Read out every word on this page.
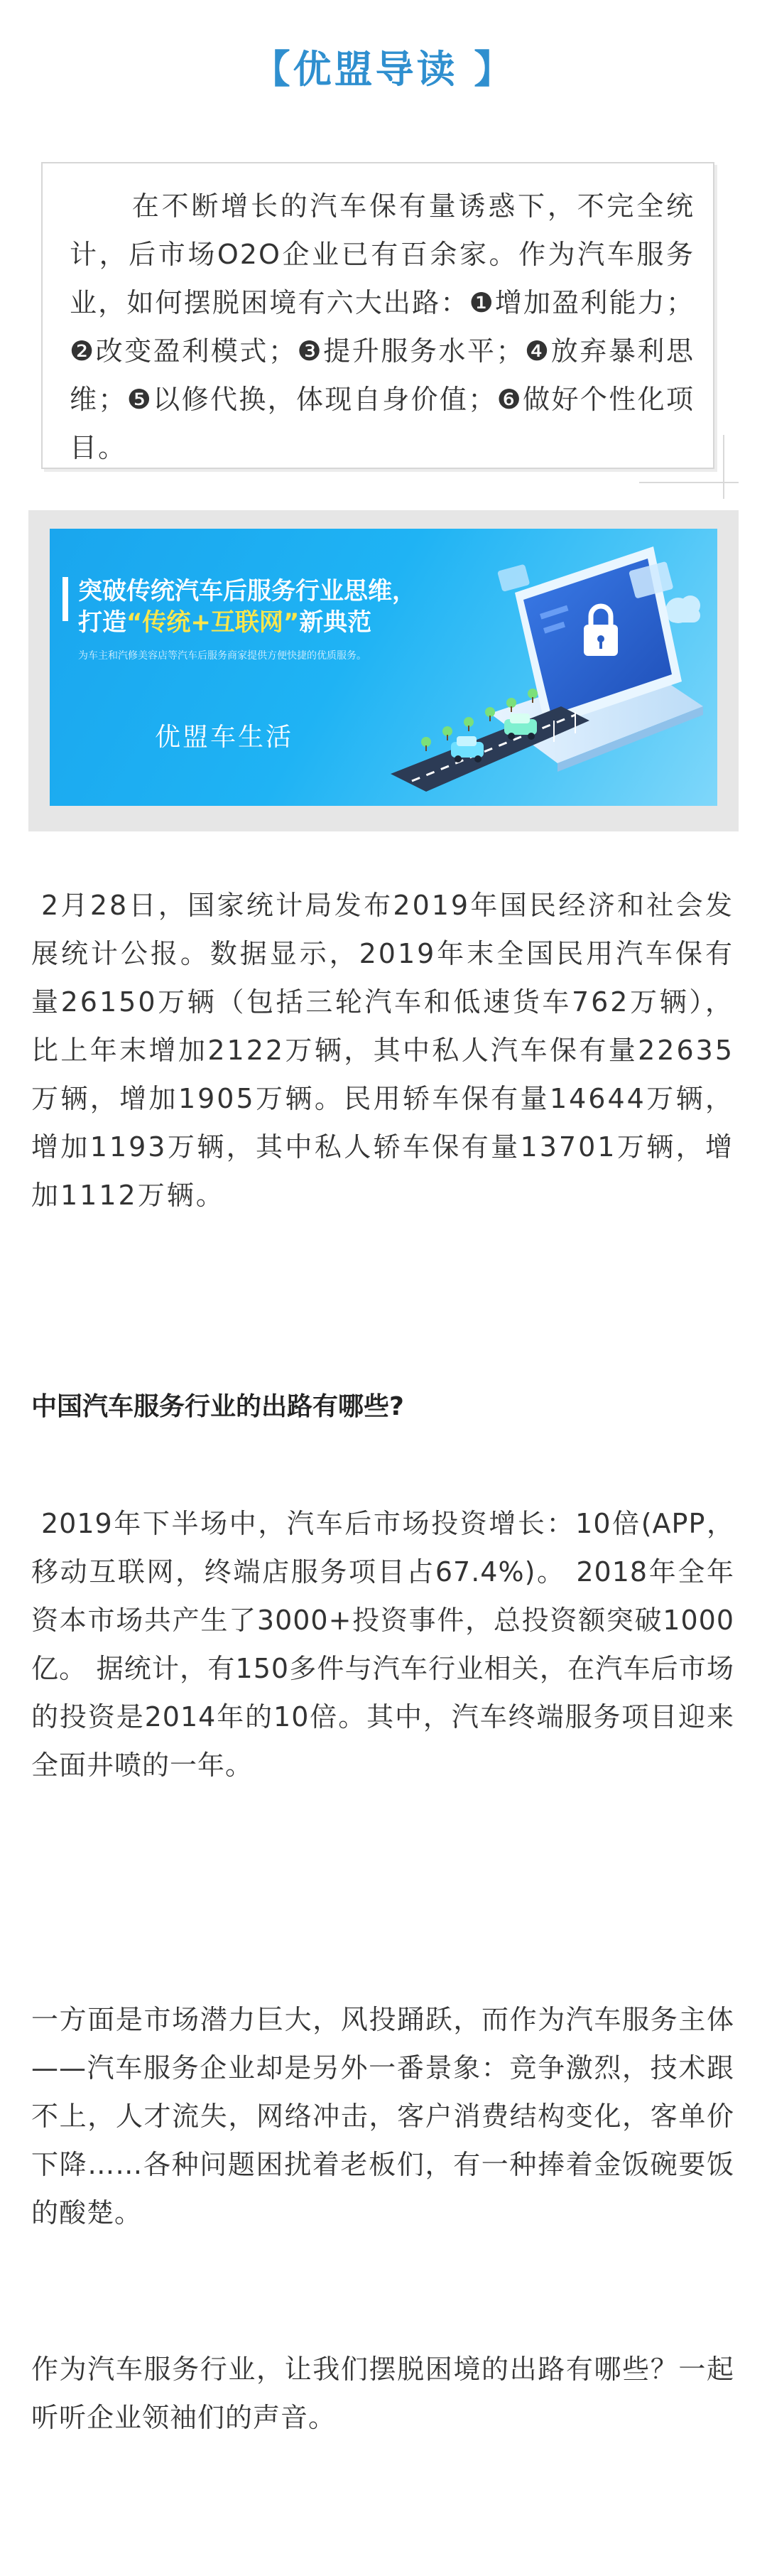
【优盟导读 】

在不断增长的汽车保有量诱惑下，不完全统计，后市场O2O企业已有百余家。作为汽车服务业，如何摆脱困境有六大出路：❶增加盈利能力；❷改变盈利模式；❸提升服务水平；❹放弃暴利思维；❺以修代换，体现自身价值；❻做好个性化项目。

突破传统汽车后服务行业思维，

打造“传统+互联网”新典范

为车主和汽修美容店等汽车后服务商家提供方便快捷的优质服务。

优盟车生活

2月28日，国家统计局发布2019年国民经济和社会发展统计公报。数据显示，2019年末全国民用汽车保有量26150万辆（包括三轮汽车和低速货车762万辆），比上年末增加2122万辆，其中私人汽车保有量22635万辆，增加1905万辆。民用轿车保有量14644万辆，增加1193万辆，其中私人轿车保有量13701万辆，增加1112万辆。

中国汽车服务行业的出路有哪些?

2019年下半场中，汽车后市场投资增长：10倍(APP，移动互联网，终端店服务项目占67.4%)。 2018年全年资本市场共产生了3000+投资事件，总投资额突破1000亿。 据统计，有150多件与汽车行业相关，在汽车后市场的投资是2014年的10倍。其中，汽车终端服务项目迎来全面井喷的一年。

一方面是市场潜力巨大，风投踊跃，而作为汽车服务主体——汽车服务企业却是另外一番景象：竞争激烈，技术跟不上，人才流失，网络冲击，客户消费结构变化，客单价下降……各种问题困扰着老板们，有一种捧着金饭碗要饭的酸楚。

作为汽车服务行业，让我们摆脱困境的出路有哪些？一起听听企业领袖们的声音。
